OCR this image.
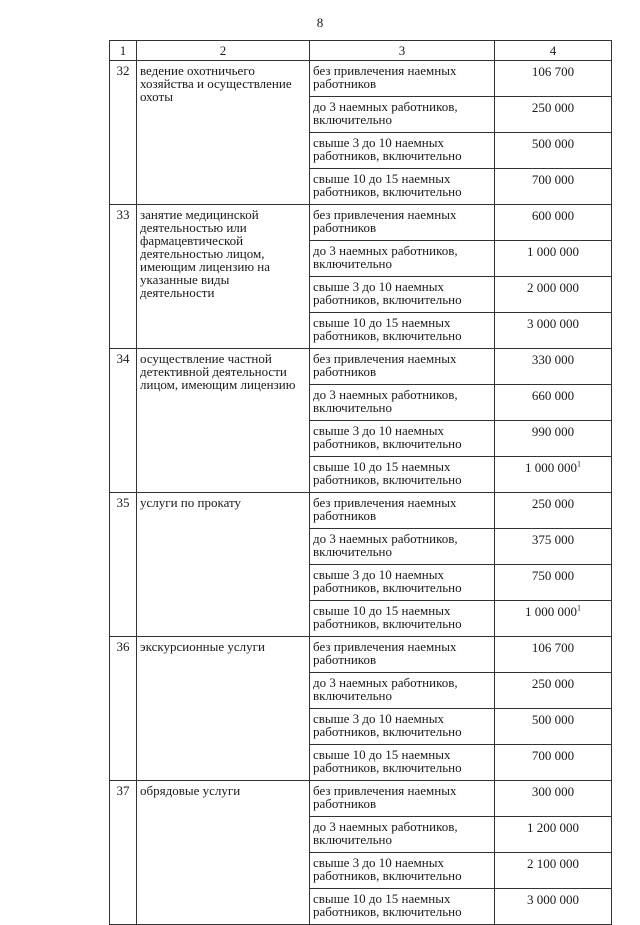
8
1	2	3	4
32	ведение охотничьего хозяйства и осуществление охоты	без привлечения наемных работников	106 700
		до 3 наемных работников, включительно	250 000
		свыше 3 до 10 наемных работников, включительно	500 000
		свыше 10 до 15 наемных работников, включительно	700 000
33	занятие медицинской деятельностью или фармацевтической деятельностью лицом, имеющим лицензию на указанные виды деятельности	без привлечения наемных работников	600 000
		до 3 наемных работников, включительно	1 000 000
		свыше 3 до 10 наемных работников, включительно	2 000 000
		свыше 10 до 15 наемных работников, включительно	3 000 000
34	осуществление частной детективной деятельности лицом, имеющим лицензию	без привлечения наемных работников	330 000
		до 3 наемных работников, включительно	660 000
		свыше 3 до 10 наемных работников, включительно	990 000
		свыше 10 до 15 наемных работников, включительно	1 000 $000^1$
35	услуги по прокату	без привлечения наемных работников	250 000
		до 3 наемных работников, включительно	375 000
		свыше 3 до 10 наемных работников, включительно	750 000
		свыше 10 до 15 наемных работников, включительно	1 000 $000^1$
36	экскурсионные услуги	без привлечения наемных работников	106 700
		до 3 наемных работников, включительно	250 000
		свыше 3 до 10 наемных работников, включительно	500 000
		свыше 10 до 15 наемных работников, включительно	700 000
37	обрядовые услуги	без привлечения наемных работников	300 000
		до 3 наемных работников, включительно	1 200 000
		свыше 3 до 10 наемных работников, включительно	2 100 000
		свыше 10 до 15 наемных работников, включительно	3 000 000
